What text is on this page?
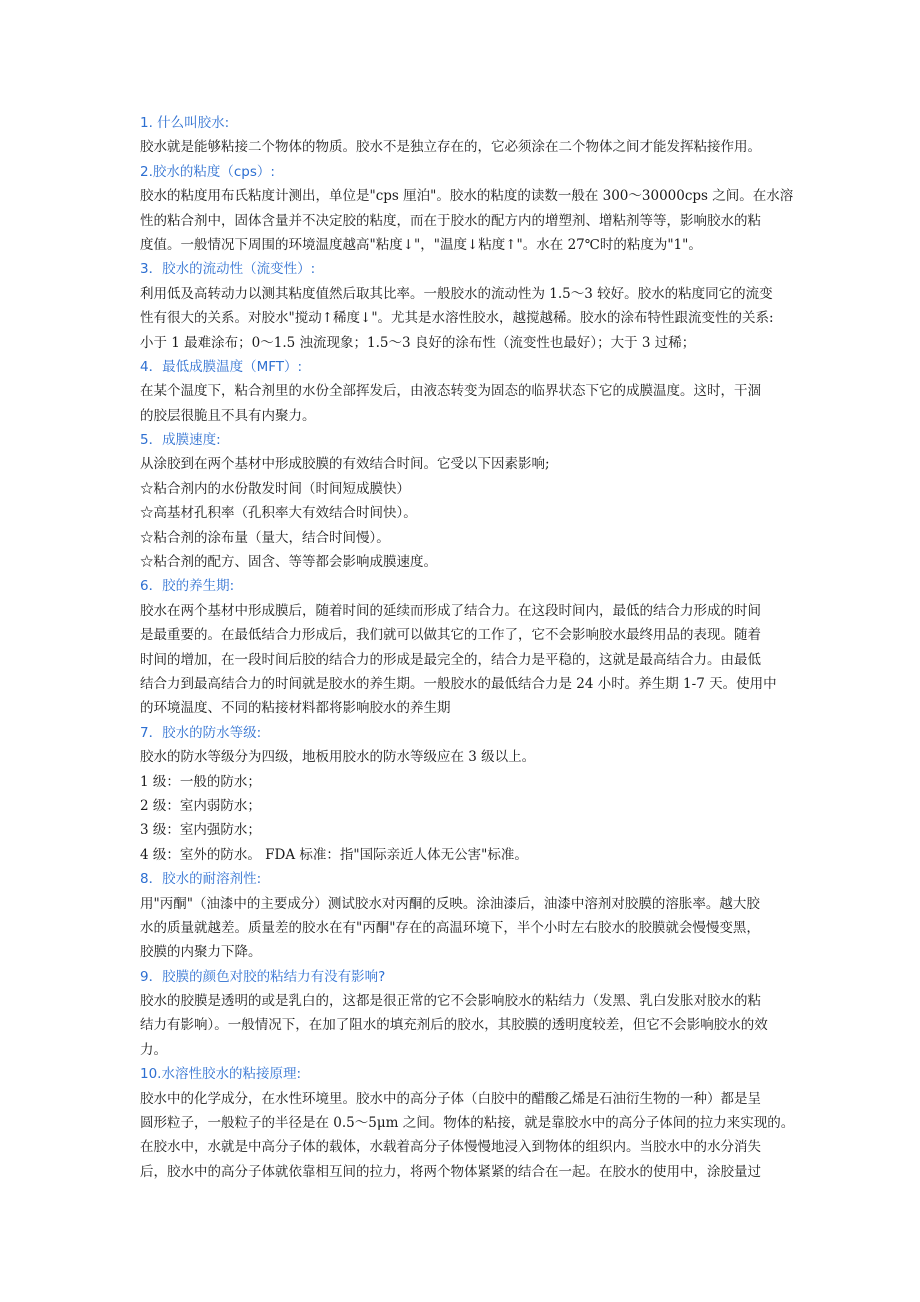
1. 什么叫胶水:
胶水就是能够粘接二个物体的物质。胶水不是独立存在的，它必须涂在二个物体之间才能发挥粘接作用。
2.胶水的粘度（cps）:
胶水的粘度用布氏粘度计测出，单位是"cps 厘泊"。胶水的粘度的读数一般在 300～30000cps 之间。在水溶
性的粘合剂中，固体含量并不决定胶的粘度，而在于胶水的配方内的增塑剂、增粘剂等等，影响胶水的粘
度值。一般情况下周围的环境温度越高"粘度↓"，"温度↓粘度↑"。水在 27℃时的粘度为"1"。
3．胶水的流动性（流变性）:
利用低及高转动力以测其粘度值然后取其比率。一般胶水的流动性为 1.5～3 较好。胶水的粘度同它的流变
性有很大的关系。对胶水"搅动↑稀度↓"。尤其是水溶性胶水，越搅越稀。胶水的涂布特性跟流变性的关系:
小于 1 最难涂布；0～1.5 浊流现象；1.5～3 良好的涂布性（流变性也最好）；大于 3 过稀；
4．最低成膜温度（MFT）:
在某个温度下，粘合剂里的水份全部挥发后，由液态转变为固态的临界状态下它的成膜温度。这时，干涸
的胶层很脆且不具有内聚力。
5．成膜速度:
从涂胶到在两个基材中形成胶膜的有效结合时间。它受以下因素影响;
☆粘合剂内的水份散发时间（时间短成膜快）
☆高基材孔积率（孔积率大有效结合时间快）。
☆粘合剂的涂布量（量大，结合时间慢）。
☆粘合剂的配方、固含、等等都会影响成膜速度。
6．胶的养生期:
胶水在两个基材中形成膜后，随着时间的延续而形成了结合力。在这段时间内，最低的结合力形成的时间
是最重要的。在最低结合力形成后，我们就可以做其它的工作了，它不会影响胶水最终用品的表现。随着
时间的增加，在一段时间后胶的结合力的形成是最完全的，结合力是平稳的，这就是最高结合力。由最低
结合力到最高结合力的时间就是胶水的养生期。一般胶水的最低结合力是 24 小时。养生期 1-7 天。使用中
的环境温度、不同的粘接材料都将影响胶水的养生期
7．胶水的防水等级:
胶水的防水等级分为四级，地板用胶水的防水等级应在 3 级以上。
1 级：一般的防水；
2 级：室内弱防水；
3 级：室内强防水；
4 级：室外的防水。 FDA 标准：指"国际亲近人体无公害"标准。
8．胶水的耐溶剂性:
用"丙酮"（油漆中的主要成分）测试胶水对丙酮的反映。涂油漆后，油漆中溶剂对胶膜的溶胀率。越大胶
水的质量就越差。质量差的胶水在有"丙酮"存在的高温环境下，半个小时左右胶水的胶膜就会慢慢变黑，
胶膜的内聚力下降。
9．胶膜的颜色对胶的粘结力有没有影响?
胶水的胶膜是透明的或是乳白的，这都是很正常的它不会影响胶水的粘结力（发黑、乳白发胀对胶水的粘
结力有影响）。一般情况下，在加了阻水的填充剂后的胶水，其胶膜的透明度较差，但它不会影响胶水的效
力。
10.水溶性胶水的粘接原理:
胶水中的化学成分，在水性环境里。胶水中的高分子体（白胶中的醋酸乙烯是石油衍生物的一种）都是呈
圆形粒子，一般粒子的半径是在 0.5～5μm 之间。物体的粘接，就是靠胶水中的高分子体间的拉力来实现的。
在胶水中，水就是中高分子体的载体，水载着高分子体慢慢地浸入到物体的组织内。当胶水中的水分消失
后，胶水中的高分子体就依靠相互间的拉力，将两个物体紧紧的结合在一起。在胶水的使用中，涂胶量过
